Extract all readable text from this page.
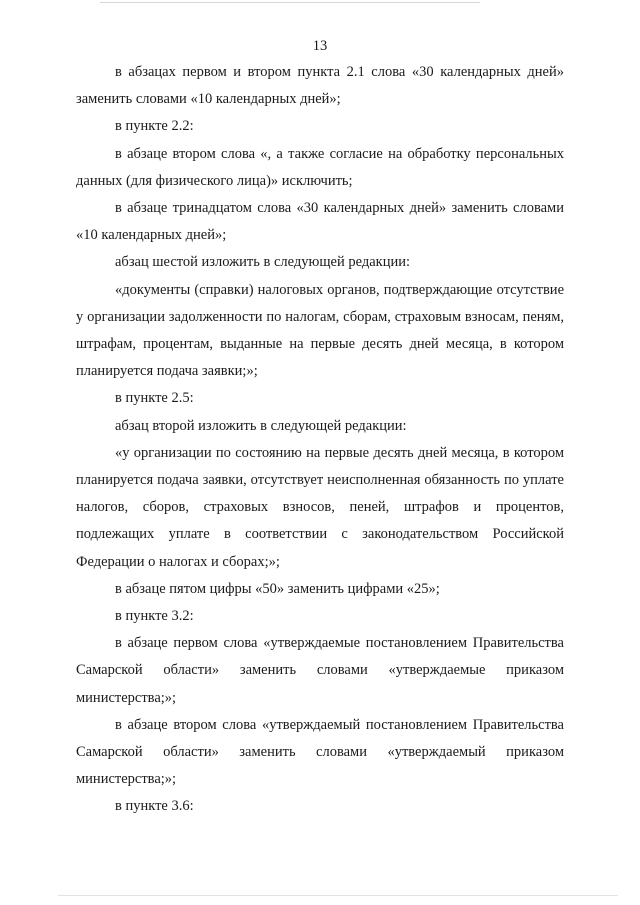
13

в абзацах первом и втором пункта 2.1 слова «30 календарных дней» заменить словами «10 календарных дней»;

в пункте 2.2:

в абзаце втором слова «, а также согласие на обработку персональных данных (для физического лица)» исключить;

в абзаце тринадцатом слова «30 календарных дней» заменить словами «10 календарных дней»;

абзац шестой изложить в следующей редакции:

«документы (справки) налоговых органов, подтверждающие отсутствие у организации задолженности по налогам, сборам, страховым взносам, пеням, штрафам, процентам, выданные на первые десять дней месяца, в котором планируется подача заявки;»;

в пункте 2.5:

абзац второй изложить в следующей редакции:

«у организации по состоянию на первые десять дней месяца, в котором планируется подача заявки, отсутствует неисполненная обязанность по уплате налогов, сборов, страховых взносов, пеней, штрафов и процентов, подлежащих уплате в соответствии с законодательством Российской Федерации о налогах и сборах;»;

в абзаце пятом цифры «50» заменить цифрами «25»;

в пункте 3.2:

в абзаце первом слова «утверждаемые постановлением Правительства Самарской области» заменить словами «утверждаемые приказом министерства;»;

в абзаце втором слова «утверждаемый постановлением Правительства Самарской области» заменить словами «утверждаемый приказом министерства;»;

в пункте 3.6:
